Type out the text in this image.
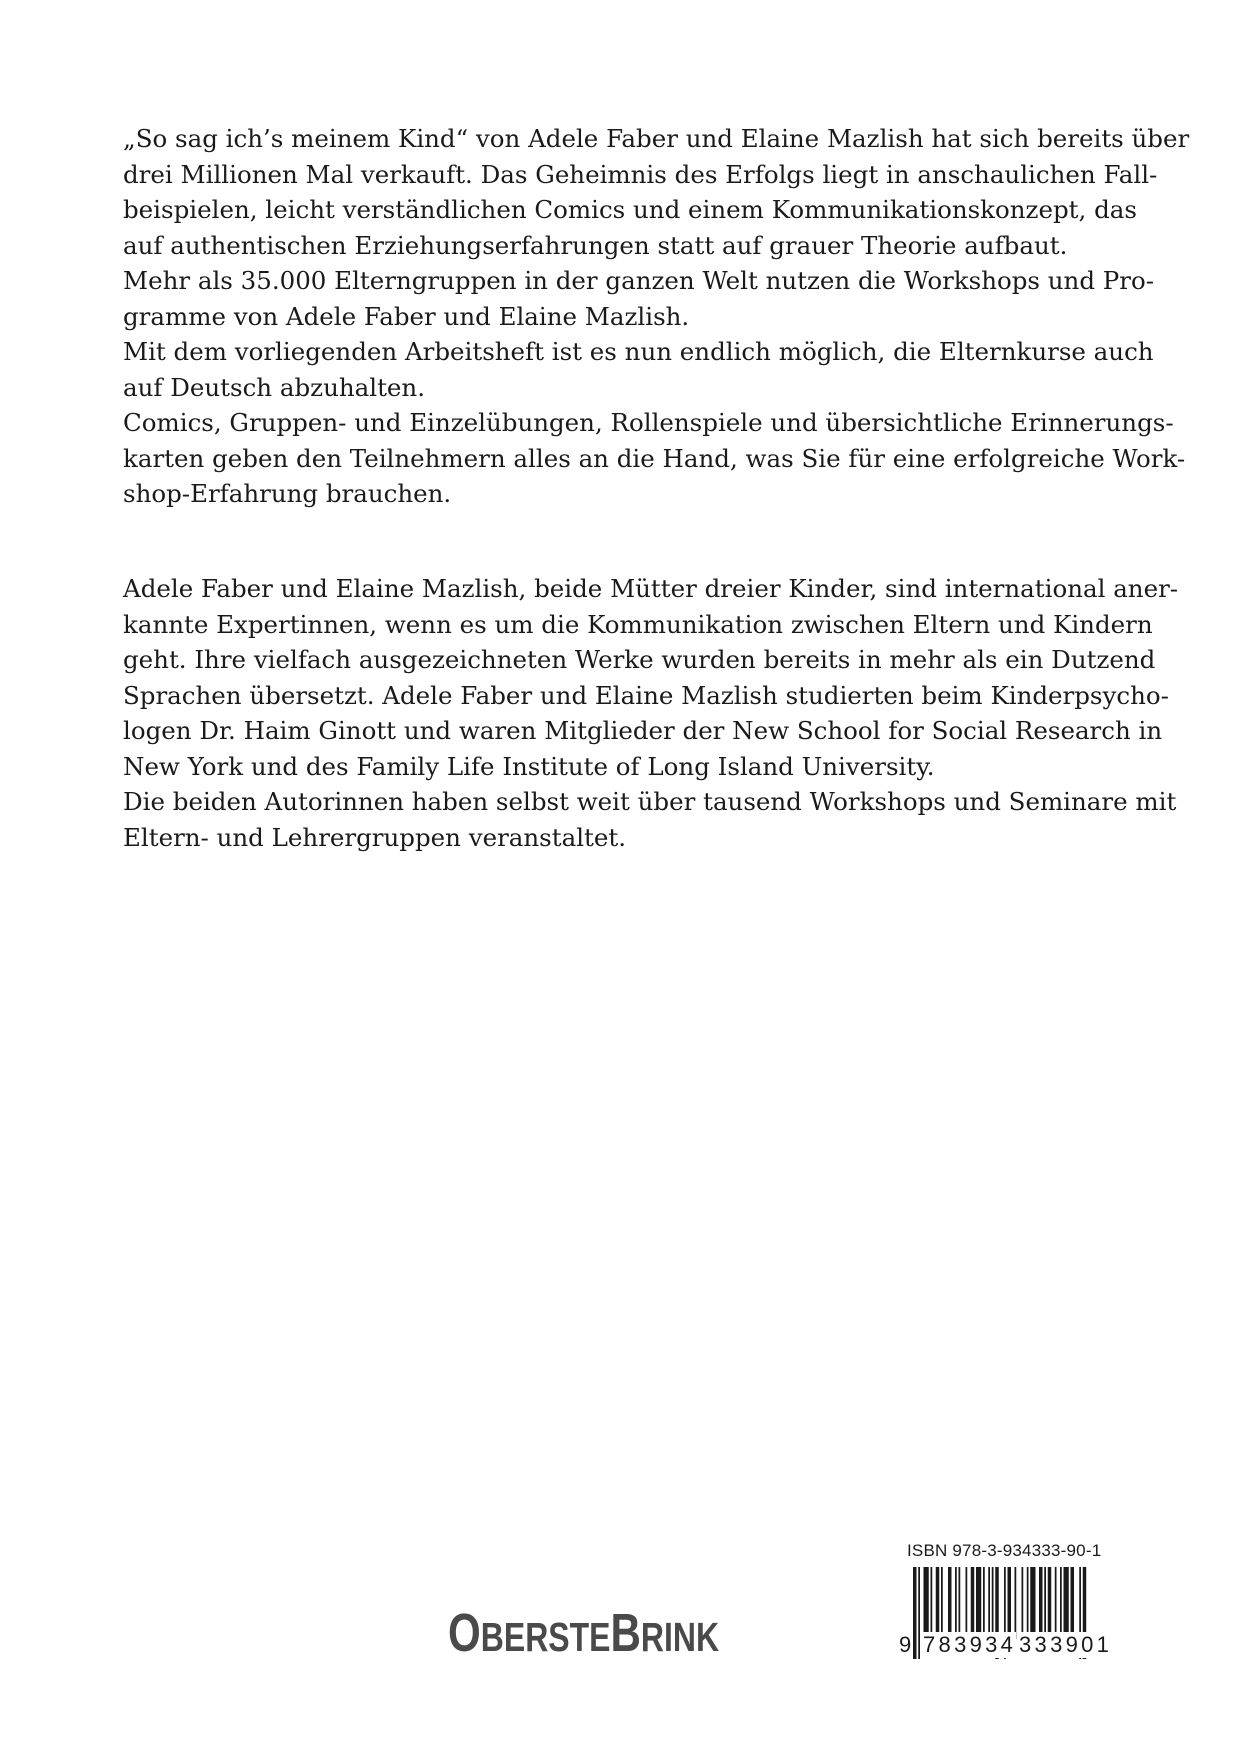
„So sag ich’s meinem Kind“ von Adele Faber und Elaine Mazlish hat sich bereits über

drei Millionen Mal verkauft. Das Geheimnis des Erfolgs liegt in anschaulichen Fall-

beispielen, leicht verständlichen Comics und einem Kommunikationskonzept, das

auf authentischen Erziehungserfahrungen statt auf grauer Theorie aufbaut.

Mehr als 35.000 Elterngruppen in der ganzen Welt nutzen die Workshops und Pro-

gramme von Adele Faber und Elaine Mazlish.

Mit dem vorliegenden Arbeitsheft ist es nun endlich möglich, die Elternkurse auch

auf Deutsch abzuhalten.

Comics, Gruppen- und Einzelübungen, Rollenspiele und übersichtliche Erinnerungs-

karten geben den Teilnehmern alles an die Hand, was Sie für eine erfolgreiche Work-

shop-Erfahrung brauchen.

Adele Faber und Elaine Mazlish, beide Mütter dreier Kinder, sind international aner-

kannte Expertinnen, wenn es um die Kommunikation zwischen Eltern und Kindern

geht. Ihre vielfach ausgezeichneten Werke wurden bereits in mehr als ein Dutzend

Sprachen übersetzt. Adele Faber und Elaine Mazlish studierten beim Kinderpsycho-

logen Dr. Haim Ginott und waren Mitglieder der New School for Social Research in

New York und des Family Life Institute of Long Island University.

Die beiden Autorinnen haben selbst weit über tausend Workshops und Seminare mit

Eltern- und Lehrergruppen veranstaltet.

OBERSTEBRINK
ISBN 978-3-934333-90-1
9 783934 333901
